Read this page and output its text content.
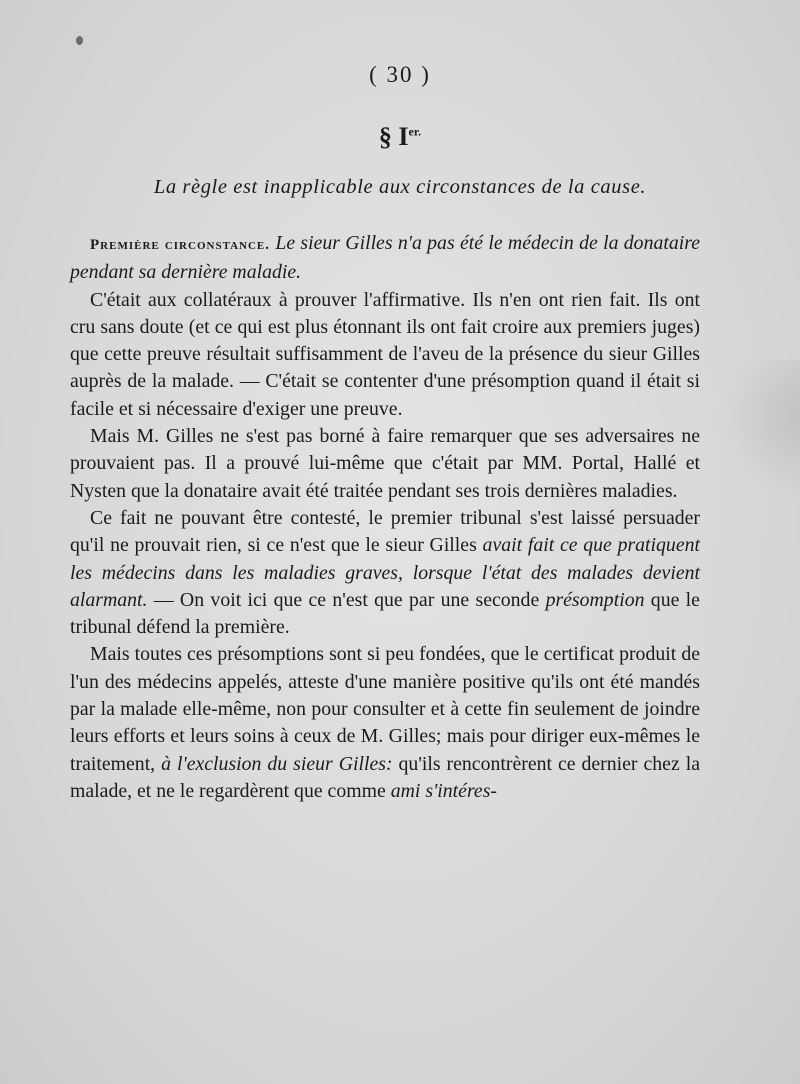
( 30 )
§ $I^{er.}$
La règle est inapplicable aux circonstances de la cause.

Première circonstance. Le sieur Gilles n'a pas été le médecin de la donataire pendant sa dernière maladie.

C'était aux collatéraux à prouver l'affirmative. Ils n'en ont rien fait. Ils ont cru sans doute (et ce qui est plus étonnant ils ont fait croire aux premiers juges) que cette preuve résultait suffisamment de l'aveu de la présence du sieur Gilles auprès de la malade. — C'était se contenter d'une présomption quand il était si facile et si nécessaire d'exiger une preuve.

Mais M. Gilles ne s'est pas borné à faire remarquer que ses adversaires ne prouvaient pas. Il a prouvé lui-même que c'était par MM. Portal, Hallé et Nysten que la donataire avait été traitée pendant ses trois dernières maladies.

Ce fait ne pouvant être contesté, le premier tribunal s'est laissé persuader qu'il ne prouvait rien, si ce n'est que le sieur Gilles avait fait ce que pratiquent les médecins dans les maladies graves, lorsque l'état des malades devient alarmant. — On voit ici que ce n'est que par une seconde présomption que le tribunal défend la première.

Mais toutes ces présomptions sont si peu fondées, que le certificat produit de l'un des médecins appelés, atteste d'une manière positive qu'ils ont été mandés par la malade elle-même, non pour consulter et à cette fin seulement de joindre leurs efforts et leurs soins à ceux de M. Gilles; mais pour diriger eux-mêmes le traitement, à l'exclusion du sieur Gilles: qu'ils rencontrèrent ce dernier chez la malade, et ne le regardèrent que comme ami s'intéres-
